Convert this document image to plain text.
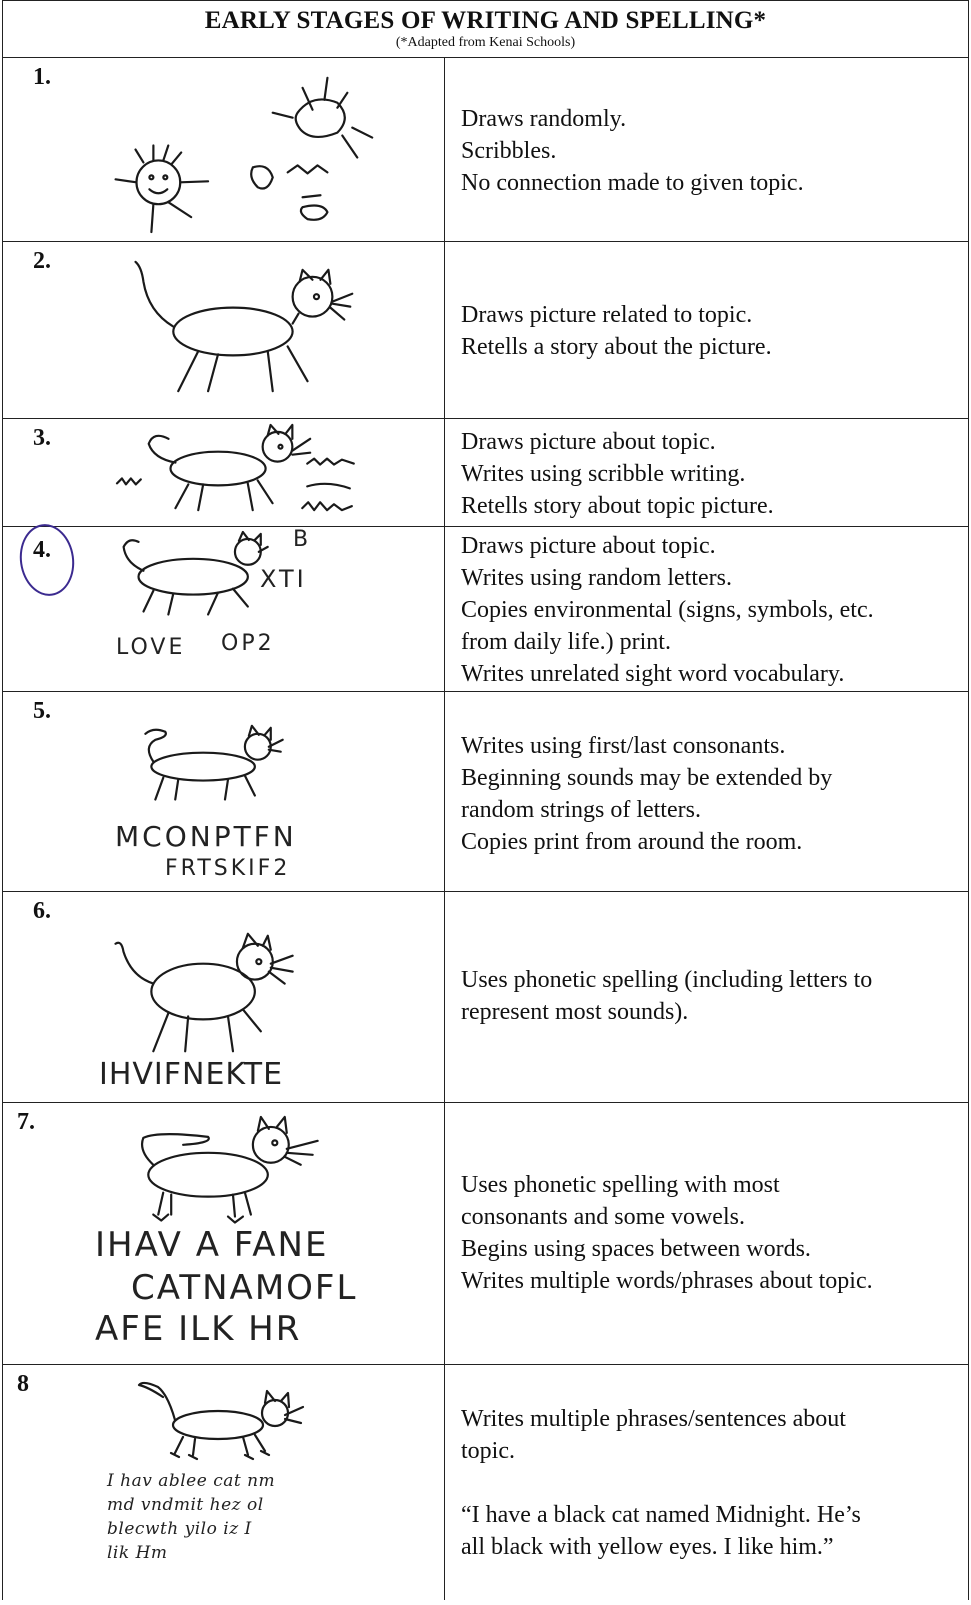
EARLY STAGES OF WRITING AND SPELLING*
(*Adapted from Kenai Schools)
1.
Draws randomly.
Scribbles.
No connection made to given topic.
2.
Draws picture related to topic.
Retells a story about the picture.
3.	Draws picture about topic.
Writes using scribble writing.
Retells story about topic picture.
4.	B
XTI
LOVE OP2
Draws picture about topic.
Writes using random letters.
Copies environmental (signs, symbols, etc.
from daily life.) print.
Writes unrelated sight word vocabulary.
5.
MCONPTFN
FRTSKIF2
Writes using first/last consonants.
Beginning sounds may be extended by
random strings of letters.
Copies print from around the room.
6.
IHVIFNEKTE
Uses phonetic spelling (including letters to
represent most sounds).
7.
IHAV A FANE
CATNAMOFL
AFE ILK HR
Uses phonetic spelling with most
consonants and some vowels.
Begins using spaces between words.
Writes multiple words/phrases about topic.
8
I hav ablee cat nm
md vndmit hez ol
blecwth yilo iz I
lik Hm
Writes multiple phrases/sentences about
topic.
“I have a black cat named Midnight. He’s
all black with yellow eyes. I like him.”
